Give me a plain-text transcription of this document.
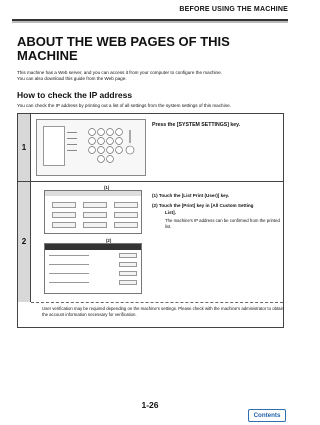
BEFORE USING THE MACHINE
ABOUT THE WEB PAGES OF THIS MACHINE
This machine has a Web server, and you can access it from your computer to configure the machine.
You can also download this guide from the Web page.
How to check the IP address
You can check the IP address by printing out a list of all settings from the system settings of this machine.
1
Press the [SYSTEM SETTINGS] key.
2
(1)
(2)
(1) Touch the [List Print (User)] key.
(2) Touch the [Print] key in [All Custom Setting
List].
The machine's IP address can be confirmed from the printed list.
User verification may be required depending on the machine's settings. Please check with the machine's administrator to obtain the account information necessary for verification.
1-26
Contents
